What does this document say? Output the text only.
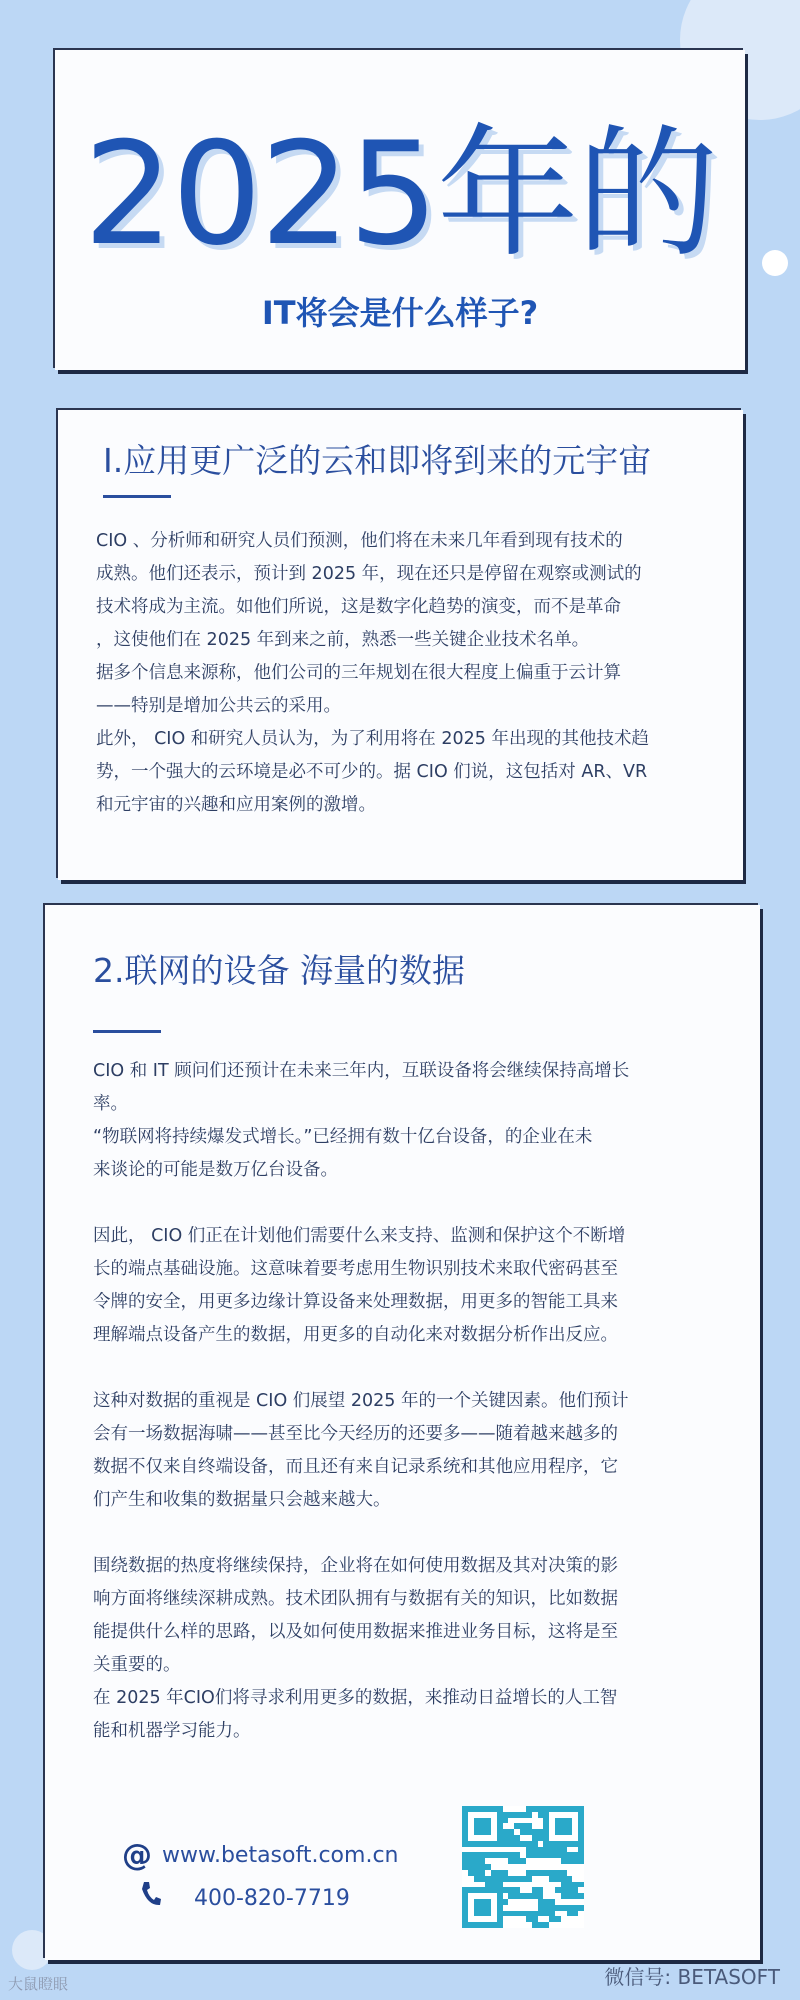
2025年的
IT将会是什么样子?
I.应用更广泛的云和即将到来的元宇宙

CIO 、分析师和研究人员们预测，他们将在未来几年看到现有技术的

成熟。他们还表示，预计到 2025 年，现在还只是停留在观察或测试的

技术将成为主流。如他们所说，这是数字化趋势的演变，而不是革命

，这使他们在 2025 年到来之前，熟悉一些关键企业技术名单。

据多个信息来源称，他们公司的三年规划在很大程度上偏重于云计算

——特别是增加公共云的采用。

此外， CIO 和研究人员认为，为了利用将在 2025 年出现的其他技术趋

势，一个强大的云环境是必不可少的。据 CIO 们说，这包括对 AR、VR

和元宇宙的兴趣和应用案例的激增。

2.联网的设备 海量的数据

CIO 和 IT 顾问们还预计在未来三年内，互联设备将会继续保持高增长

率。

“物联网将持续爆发式增长。”已经拥有数十亿台设备，的企业在未

来谈论的可能是数万亿台设备。

因此， CIO 们正在计划他们需要什么来支持、监测和保护这个不断增

长的端点基础设施。这意味着要考虑用生物识别技术来取代密码甚至

令牌的安全，用更多边缘计算设备来处理数据，用更多的智能工具来

理解端点设备产生的数据，用更多的自动化来对数据分析作出反应。

这种对数据的重视是 CIO 们展望 2025 年的一个关键因素。他们预计

会有一场数据海啸——甚至比今天经历的还要多——随着越来越多的

数据不仅来自终端设备，而且还有来自记录系统和其他应用程序，它

们产生和收集的数据量只会越来越大。

围绕数据的热度将继续保持，企业将在如何使用数据及其对决策的影

响方面将继续深耕成熟。技术团队拥有与数据有关的知识，比如数据

能提供什么样的思路，以及如何使用数据来推进业务目标，这将是至

关重要的。

在 2025 年CIO们将寻求利用更多的数据，来推动日益增长的人工智

能和机器学习能力。

@ www.betasoft.com.cn
400-820-7719
微信号: BETASOFT
大鼠瞪眼
